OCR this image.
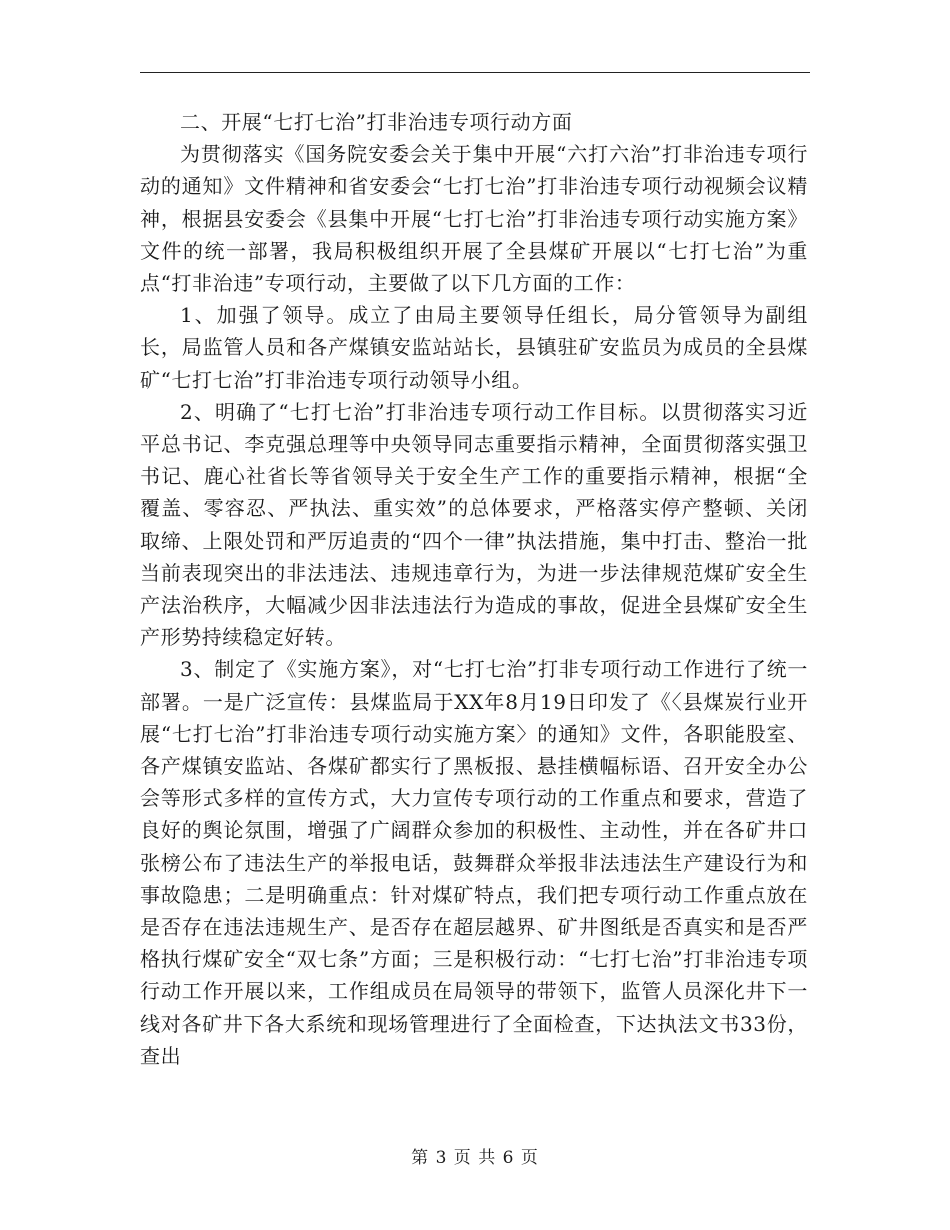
二、开展“七打七治”打非治违专项行动方面

为贯彻落实《国务院安委会关于集中开展“六打六治”打非治违专项行动的通知》文件精神和省安委会“七打七治”打非治违专项行动视频会议精神，根据县安委会《县集中开展“七打七治”打非治违专项行动实施方案》文件的统一部署，我局积极组织开展了全县煤矿开展以“七打七治”为重点“打非治违”专项行动，主要做了以下几方面的工作：

1、加强了领导。成立了由局主要领导任组长，局分管领导为副组长，局监管人员和各产煤镇安监站站长，县镇驻矿安监员为成员的全县煤矿“七打七治”打非治违专项行动领导小组。

2、明确了“七打七治”打非治违专项行动工作目标。以贯彻落实习近平总书记、李克强总理等中央领导同志重要指示精神，全面贯彻落实强卫书记、鹿心社省长等省领导关于安全生产工作的重要指示精神，根据“全覆盖、零容忍、严执法、重实效”的总体要求，严格落实停产整顿、关闭取缔、上限处罚和严厉追责的“四个一律”执法措施，集中打击、整治一批当前表现突出的非法违法、违规违章行为，为进一步法律规范煤矿安全生产法治秩序，大幅减少因非法违法行为造成的事故，促进全县煤矿安全生产形势持续稳定好转。

3、制定了《实施方案》，对“七打七治”打非专项行动工作进行了统一部署。一是广泛宣传：县煤监局于XX年8月19日印发了《〈县煤炭行业开展“七打七治”打非治违专项行动实施方案〉的通知》文件，各职能股室、各产煤镇安监站、各煤矿都实行了黑板报、悬挂横幅标语、召开安全办公会等形式多样的宣传方式，大力宣传专项行动的工作重点和要求，营造了良好的舆论氛围，增强了广阔群众参加的积极性、主动性，并在各矿井口张榜公布了违法生产的举报电话，鼓舞群众举报非法违法生产建设行为和事故隐患；二是明确重点：针对煤矿特点，我们把专项行动工作重点放在是否存在违法违规生产、是否存在超层越界、矿井图纸是否真实和是否严格执行煤矿安全“双七条”方面；三是积极行动：“七打七治”打非治违专项行动工作开展以来，工作组成员在局领导的带领下，监管人员深化井下一线对各矿井下各大系统和现场管理进行了全面检查，下达执法文书33份，查出

第 3 页 共 6 页
